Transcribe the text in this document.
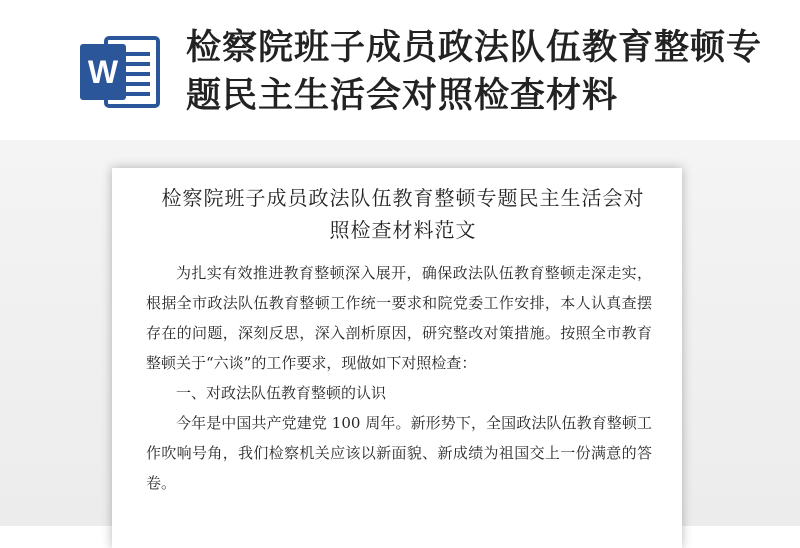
W
检察院班子成员政法队伍教育整顿专题民主生活会对照检查材料
检察院班子成员政法队伍教育整顿专题民主生活会对照检查材料范文

为扎实有效推进教育整顿深入展开，确保政法队伍教育整顿走深走实，根据全市政法队伍教育整顿工作统一要求和院党委工作安排，本人认真查摆存在的问题，深刻反思，深入剖析原因，研究整改对策措施。按照全市教育整顿关于“六谈”的工作要求，现做如下对照检查：

一、对政法队伍教育整顿的认识

今年是中国共产党建党 100 周年。新形势下，全国政法队伍教育整顿工作吹响号角，我们检察机关应该以新面貌、新成绩为祖国交上一份满意的答卷。
